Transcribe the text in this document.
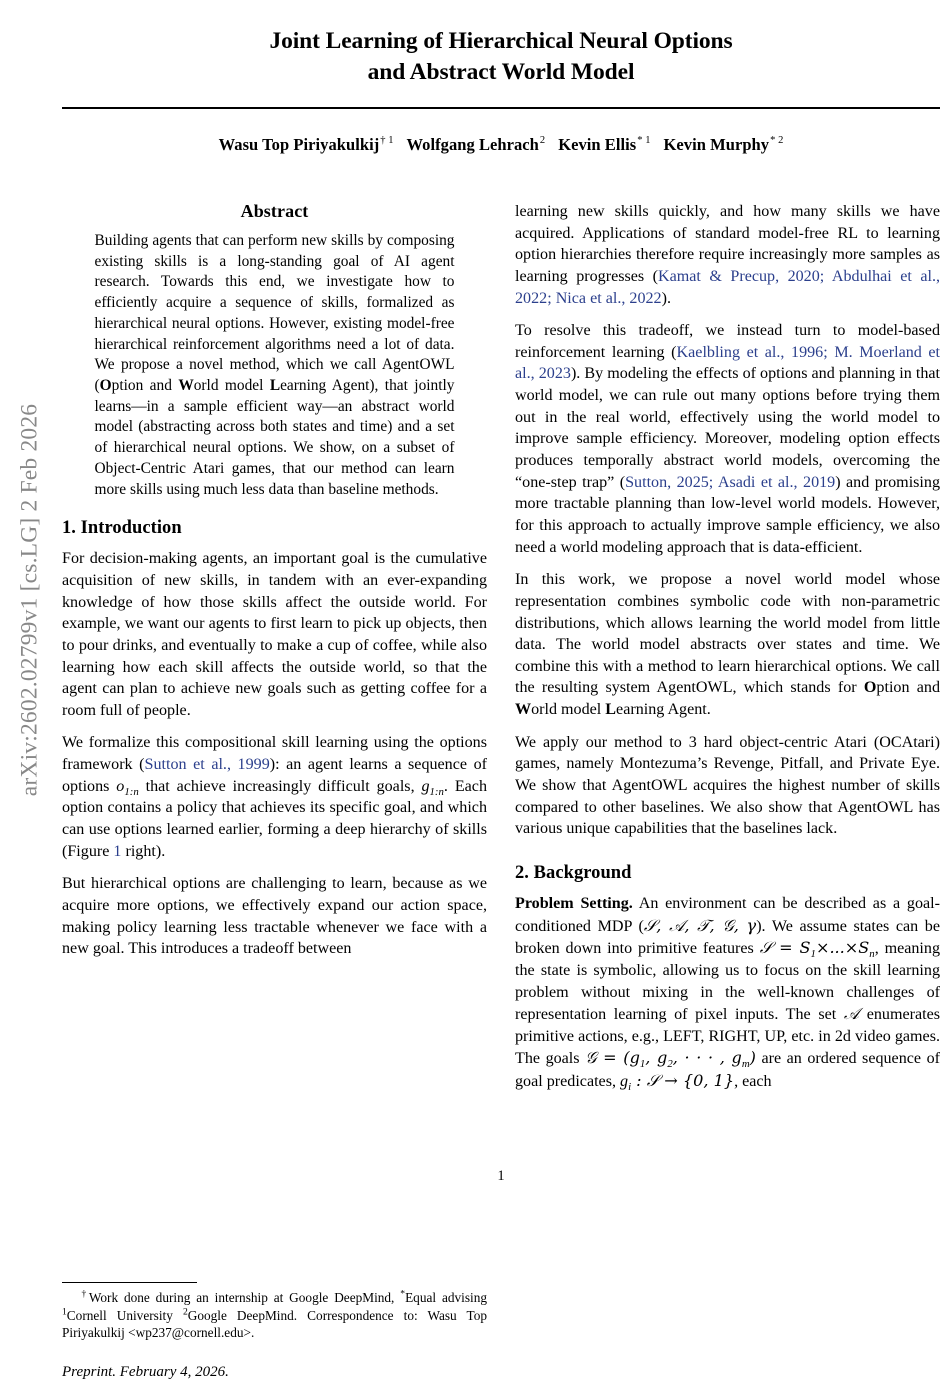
arXiv:2602.02799v1 [cs.LG] 2 Feb 2026
Joint Learning of Hierarchical Neural Options
and Abstract World Model
Wasu Top Piriyakulkij$^{\dagger 1}$ Wolfgang Lehrach$^2$ Kevin Ellis$^{* 1}$ Kevin Murphy$^{* 2}$
Abstract
Building agents that can perform new skills by composing existing skills is a long-standing goal of AI agent research. Towards this end, we investigate how to efficiently acquire a sequence of skills, formalized as hierarchical neural options. However, existing model-free hierarchical reinforcement algorithms need a lot of data. We propose a novel method, which we call AgentOWL (Option and World model Learning Agent), that jointly learns—in a sample efficient way—an abstract world model (abstracting across both states and time) and a set of hierarchical neural options. We show, on a subset of Object-Centric Atari games, that our method can learn more skills using much less data than baseline methods.
1. Introduction

For decision-making agents, an important goal is the cumulative acquisition of new skills, in tandem with an ever-expanding knowledge of how those skills affect the outside world. For example, we want our agents to first learn to pick up objects, then to pour drinks, and eventually to make a cup of coffee, while also learning how each skill affects the outside world, so that the agent can plan to achieve new goals such as getting coffee for a room full of people.

We formalize this compositional skill learning using the options framework (Sutton et al., 1999): an agent learns a sequence of options $o_{1:n}$ that achieve increasingly difficult goals, $g_{1:n}$. Each option contains a policy that achieves its specific goal, and which can use options learned earlier, forming a deep hierarchy of skills (Figure 1 right).

But hierarchical options are challenging to learn, because as we acquire more options, we effectively expand our action space, making policy learning less tractable whenever we face with a new goal. This introduces a tradeoff between

†Work done during an internship at Google DeepMind, *Equal advising $^1$Cornell University $^2$Google DeepMind. Correspondence to: Wasu Top Piriyakulkij <wp237@cornell.edu>.

Preprint. February 4, 2026.

learning new skills quickly, and how many skills we have acquired. Applications of standard model-free RL to learning option hierarchies therefore require increasingly more samples as learning progresses (Kamat & Precup, 2020; Abdulhai et al., 2022; Nica et al., 2022).

To resolve this tradeoff, we instead turn to model-based reinforcement learning (Kaelbling et al., 1996; M. Moerland et al., 2023). By modeling the effects of options and planning in that world model, we can rule out many options before trying them out in the real world, effectively using the world model to improve sample efficiency. Moreover, modeling option effects produces temporally abstract world models, overcoming the “one-step trap” (Sutton, 2025; Asadi et al., 2019) and promising more tractable planning than low-level world models. However, for this approach to actually improve sample efficiency, we also need a world modeling approach that is data-efficient.

In this work, we propose a novel world model whose representation combines symbolic code with non-parametric distributions, which allows learning the world model from little data. The world model abstracts over states and time. We combine this with a method to learn hierarchical options. We call the resulting system AgentOWL, which stands for Option and World model Learning Agent.

We apply our method to 3 hard object-centric Atari (OCAtari) games, namely Montezuma’s Revenge, Pitfall, and Private Eye. We show that AgentOWL acquires the highest number of skills compared to other baselines. We also show that AgentOWL has various unique capabilities that the baselines lack.

2. Background

Problem Setting. An environment can be described as a goal-conditioned MDP (𝒮, 𝒜, 𝒯, 𝒢, γ). We assume states can be broken down into primitive features 𝒮 = $S_1\times...\times S_n$, meaning the state is symbolic, allowing us to focus on the skill learning problem without mixing in the well-known challenges of representation learning of pixel inputs. The set 𝒜 enumerates primitive actions, e.g., LEFT, RIGHT, UP, etc. in 2d video games. The goals 𝒢 = ($g_1$, $g_2$, · · · , $g_m$) are an ordered sequence of goal predicates, $g_i$ : 𝒮 → {0, 1}, each

1
